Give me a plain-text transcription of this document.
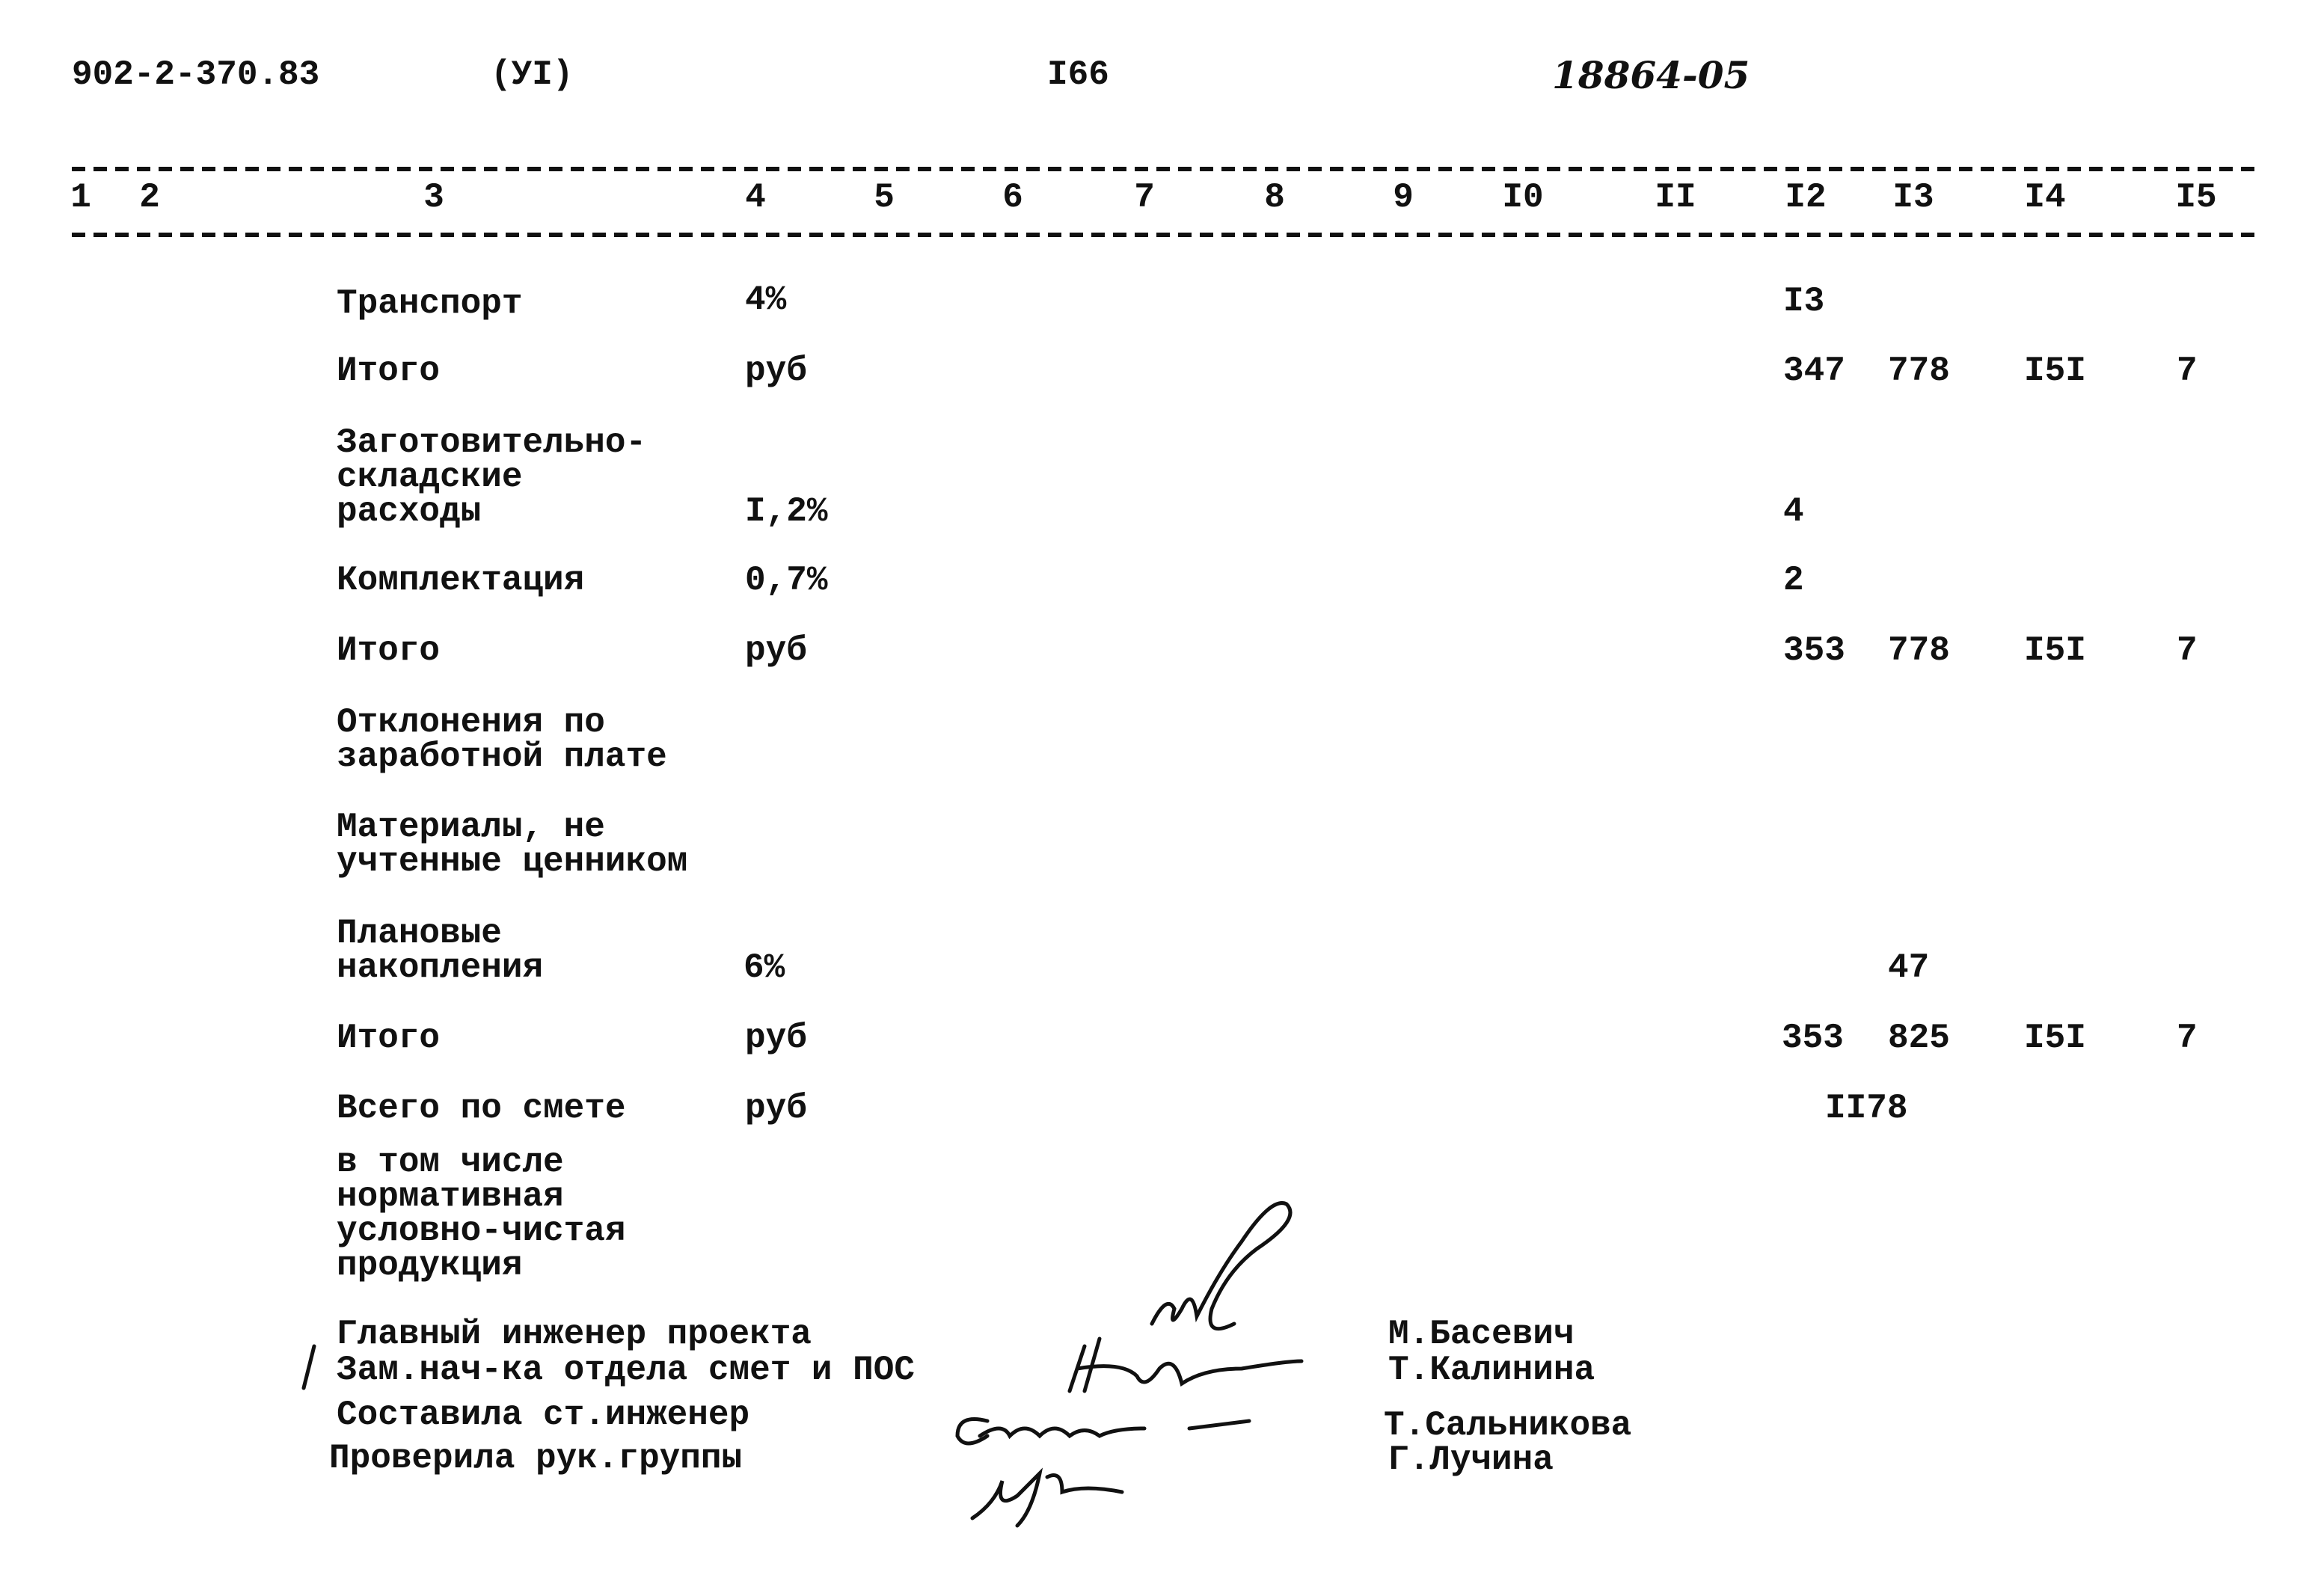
902-2-370.83	(УI)	I66	18864-05
1 2	3	4	5	6	7	8	9	I0	II	I2 I3	I4	I5
Транспорт	4%	I3
Итого	руб	347 778 I5I	7
Заготовительно-
складские
расходы	I,2%	4
Комплектация	0,7%	2
Итого	руб	353 778 I5I	7
Отклонения по
заработной плате
Материалы, не
учтенные ценником
Плановые
накопления	6%	47
Итого	руб	353 825 I5I	7
Всего по смете	руб	II78
в том числе
нормативная
условно-чистая
продукция
Главный инженер проекта	М.Басевич
Зам.нач-ка отдела смет и ПОС	Т.Калинина
Составила ст.инженер	Т.Сальникова
Проверила рук.группы	Г.Лучина
